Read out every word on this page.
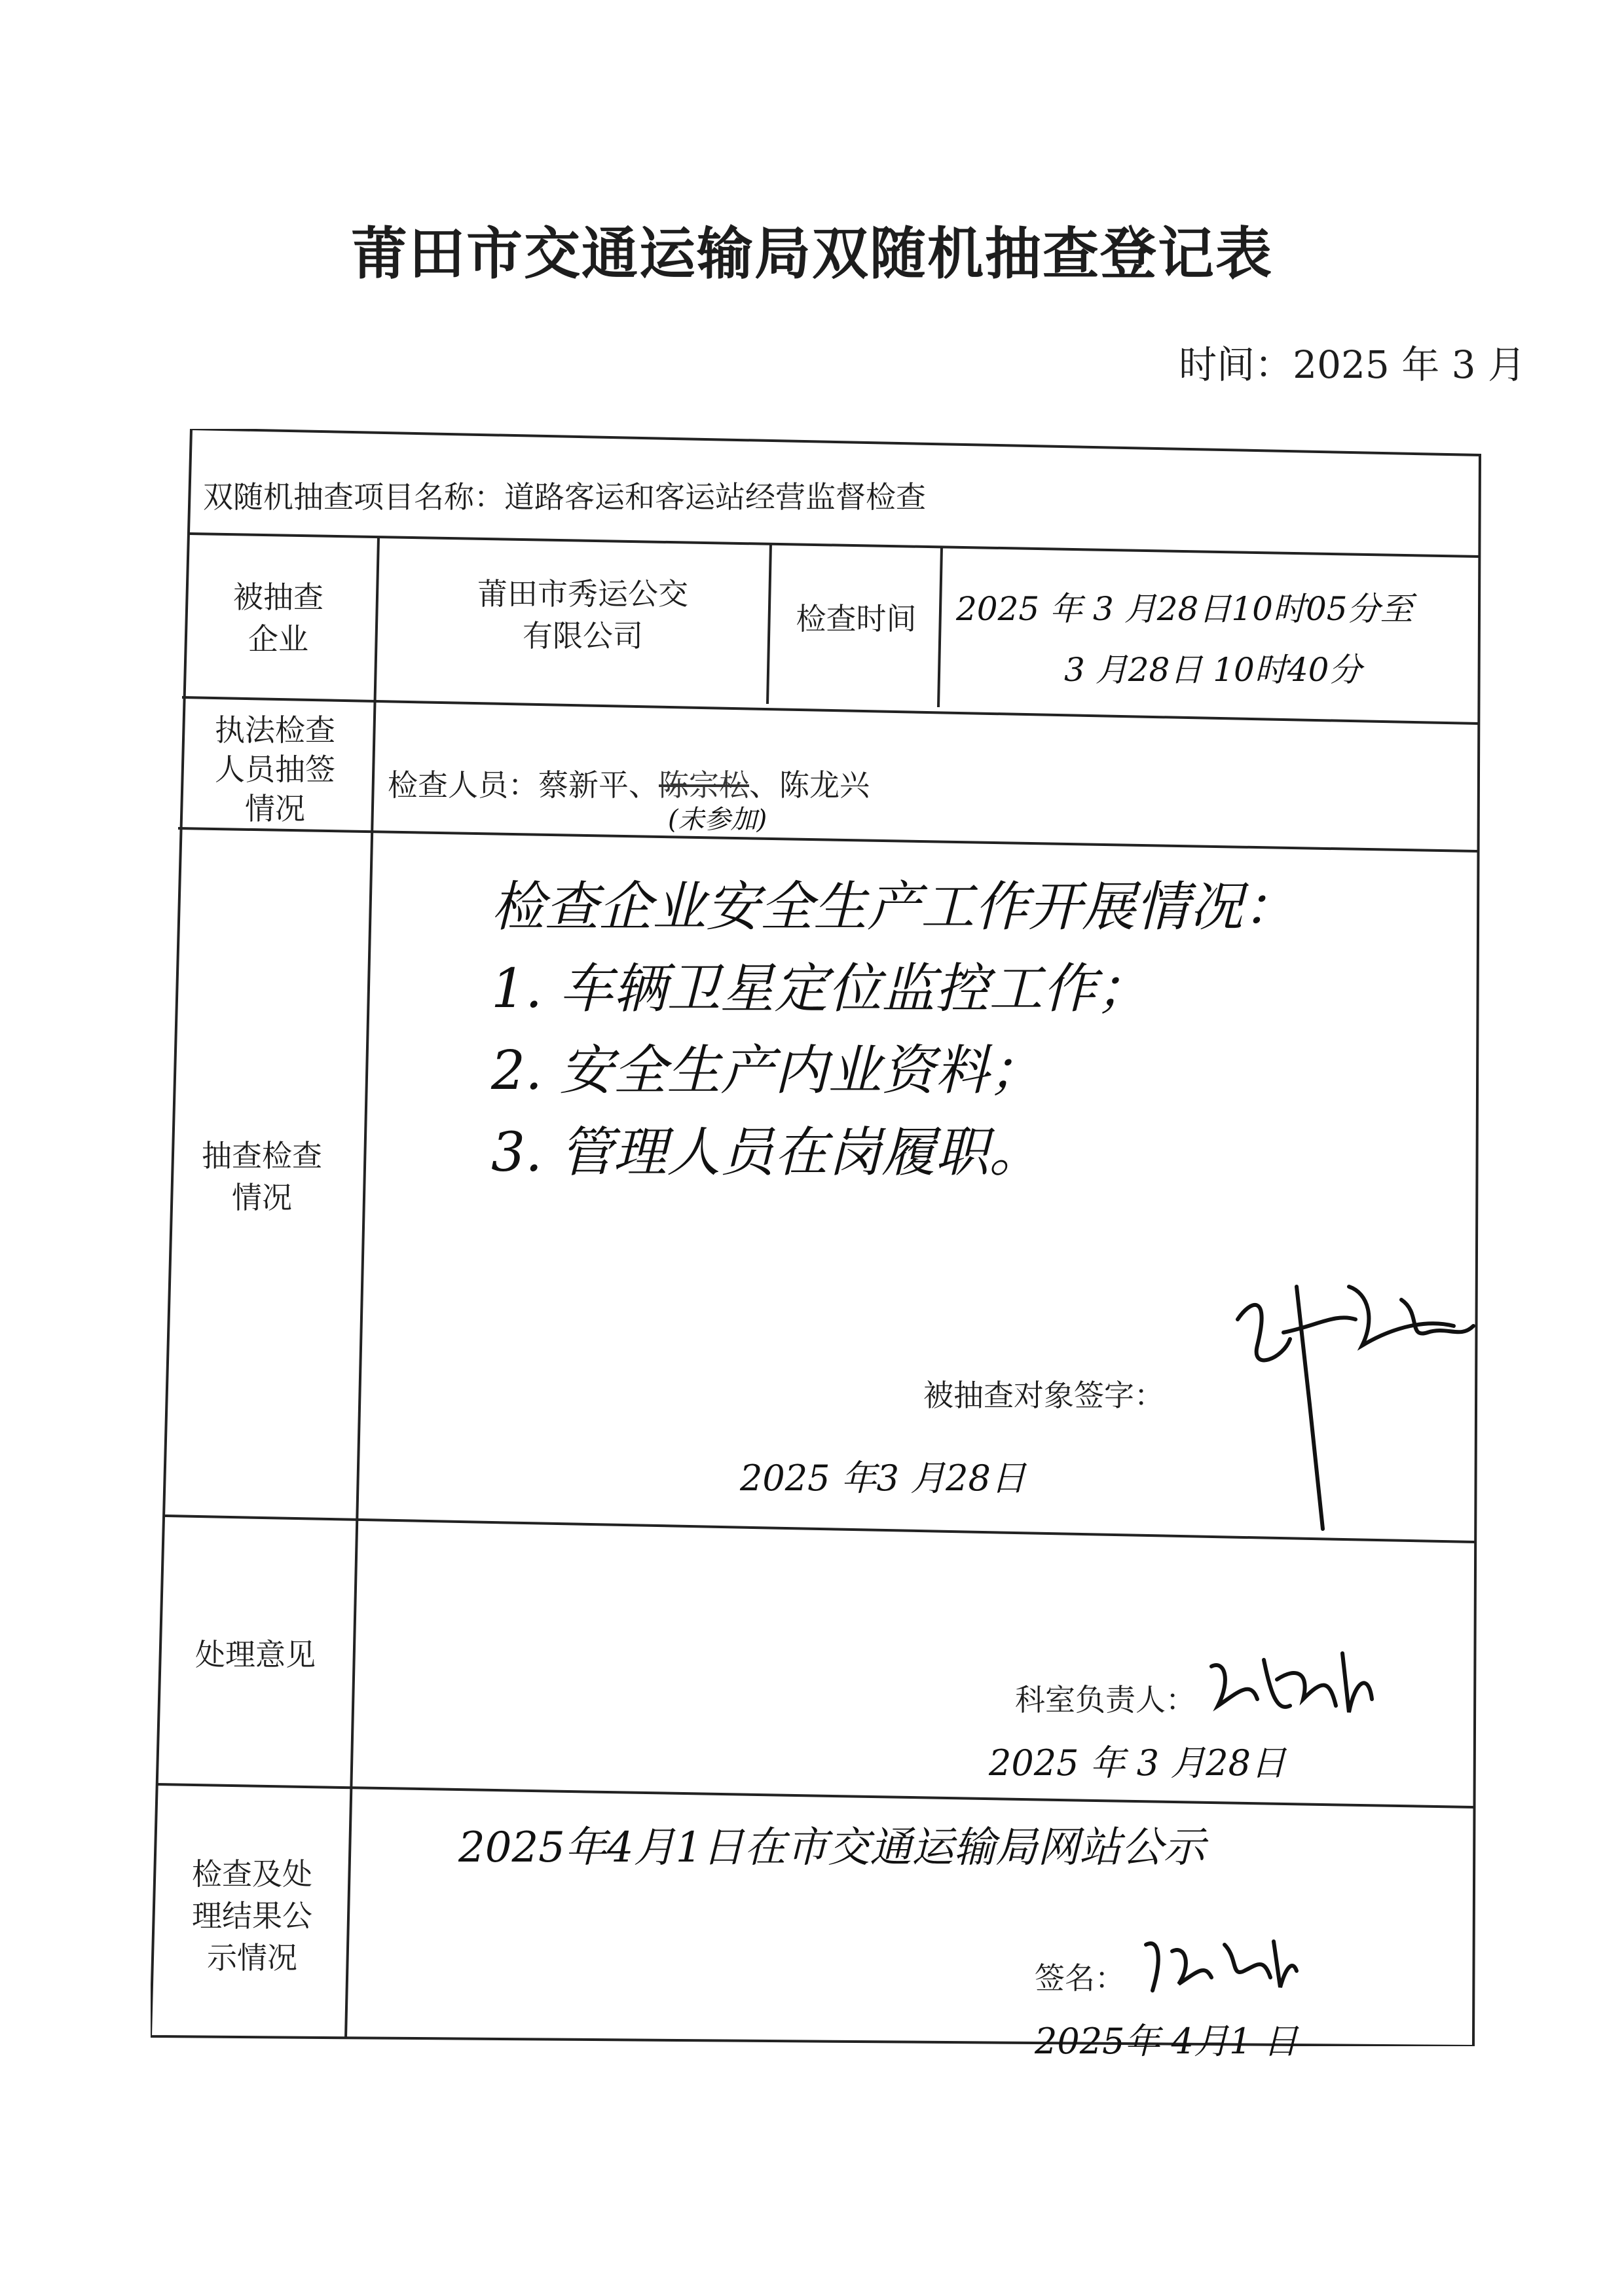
莆田市交通运输局双随机抽查登记表
时间：2025 年 3 月
双随机抽查项目名称：道路客运和客运站经营监督检查
被抽查
企业
莆田市秀运公交
有限公司	检查时间	2025 年 3 月28日10时05分至
3 月28日 10时40分
执法检查
人员抽签
情况
检查人员：蔡新平、陈宗松、陈龙兴
(未参加)
抽查检查
情况
检查企业安全生产工作开展情况：
1. 车辆卫星定位监控工作；
2. 安全生产内业资料；
3. 管理人员在岗履职。
被抽查对象签字：
2025 年3 月28日
处理意见
科室负责人：
2025 年 3 月28日
检查及处
理结果公
示情况
2025年4月1日在市交通运输局网站公示
签名：
2025年 4月1 日
